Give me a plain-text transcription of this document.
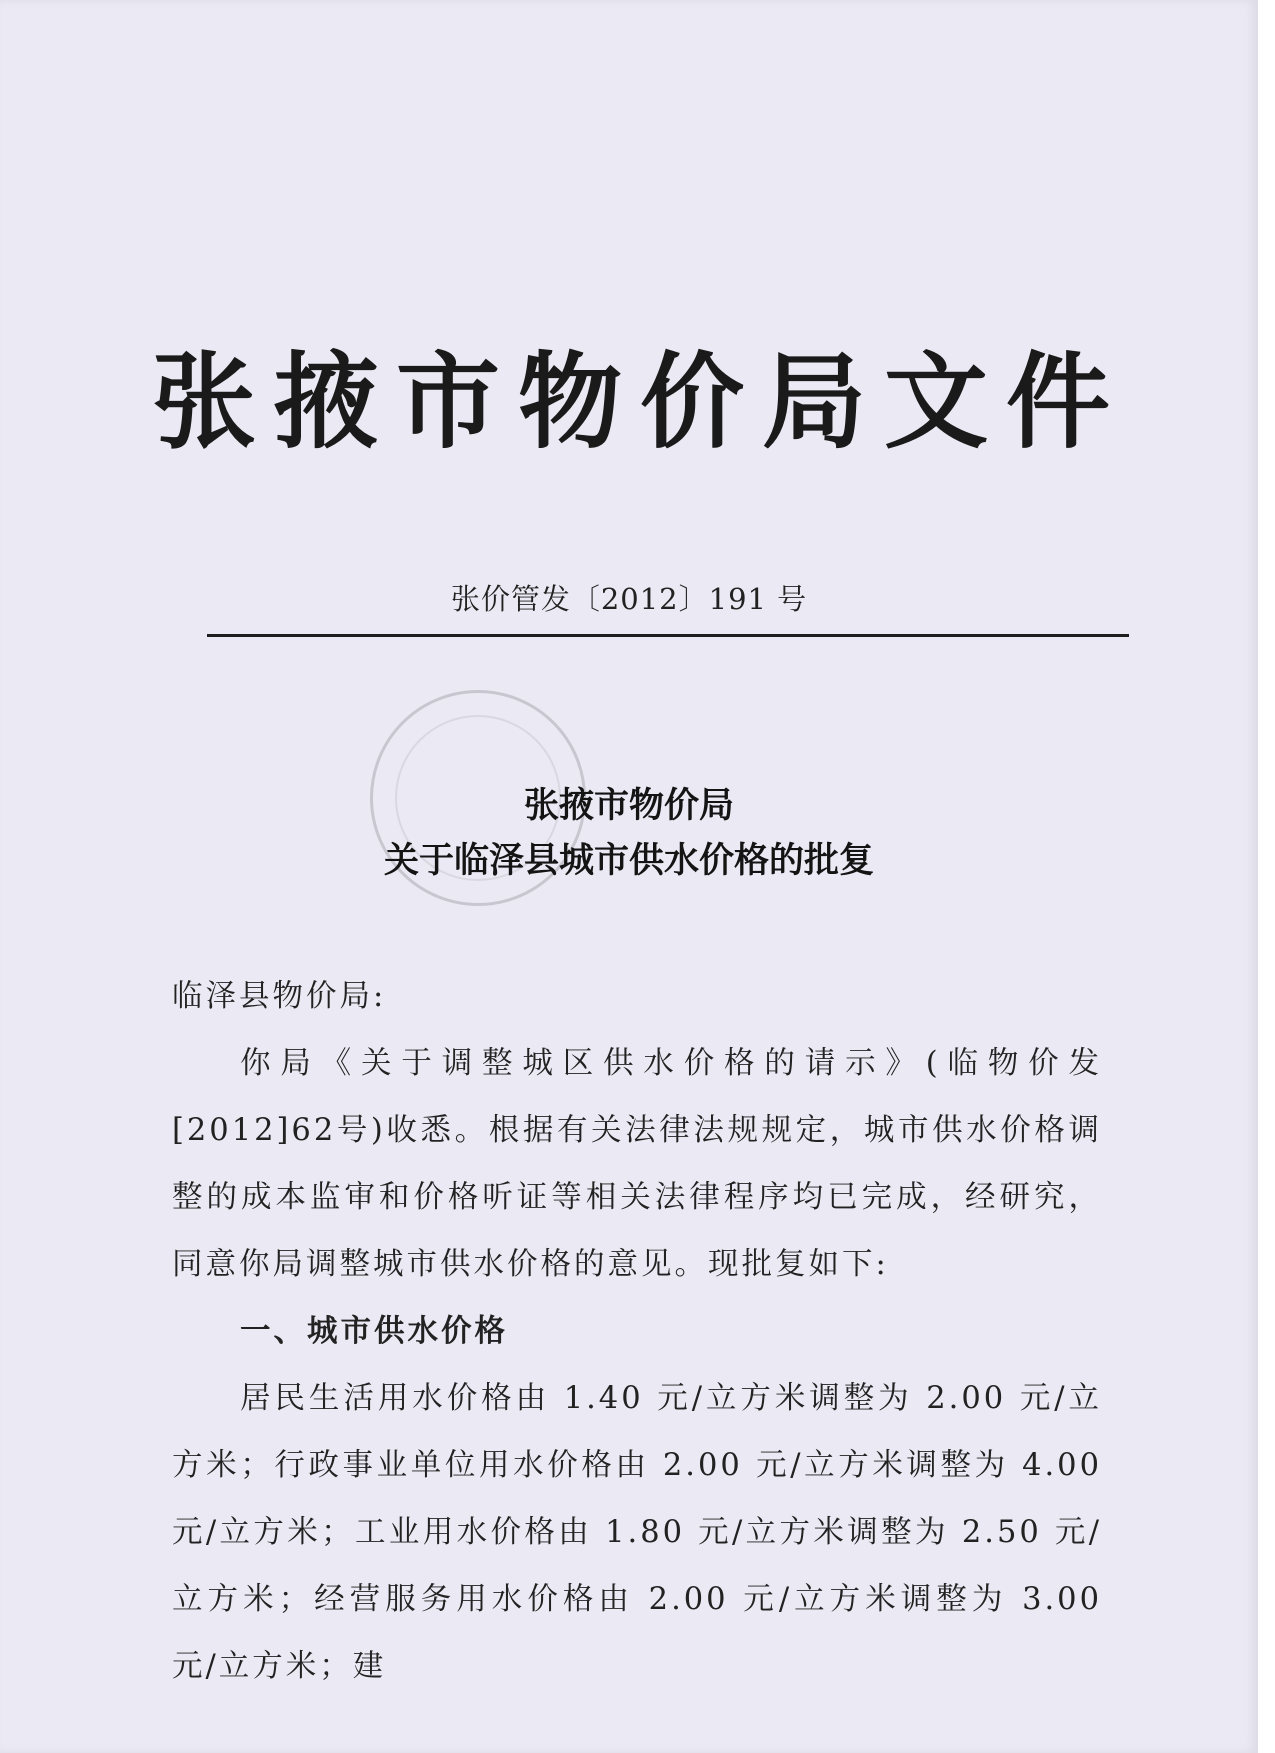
张掖市物价局文件
张价管发〔2012〕191 号
张掖市物价局
关于临泽县城市供水价格的批复

临泽县物价局:

你局《关于调整城区供水价格的请示》(临物价发[2012]62号)收悉。根据有关法律法规规定，城市供水价格调整的成本监审和价格听证等相关法律程序均已完成，经研究，同意你局调整城市供水价格的意见。现批复如下:

一、城市供水价格

居民生活用水价格由 1.40 元/立方米调整为 2.00 元/立方米；行政事业单位用水价格由 2.00 元/立方米调整为 4.00 元/立方米；工业用水价格由 1.80 元/立方米调整为 2.50 元/立方米；经营服务用水价格由 2.00 元/立方米调整为 3.00 元/立方米；建
